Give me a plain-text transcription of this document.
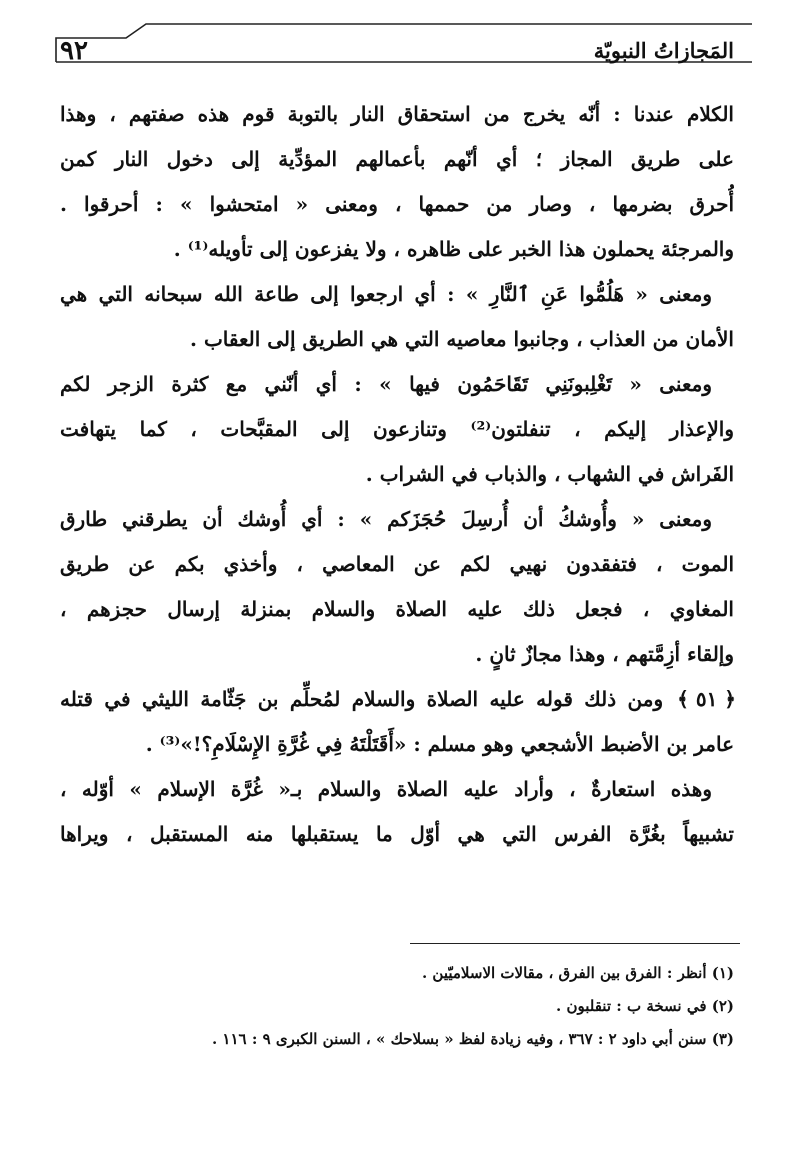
المَجازاتُ النبويّة
٩٢
الكلام عندنا : أنّه يخرج من استحقاق النار بالتوبة قوم هذه صفتهم ، وهذا
على طريق المجاز ؛ أي أنّهم بأعمالهم المؤدِّية إلى دخول النار كمن
أُحرق بضرمها ، وصار من حممها ، ومعنى « امتحشوا » : أحرقوا .
والمرجئة يحملون هذا الخبر على ظاهره ، ولا يفزعون إلى تأويله⁽¹⁾ .
ومعنى « هَلُمُّوا عَنِ ٱلنَّارِ » : أي ارجعوا إلى طاعة الله سبحانه التي هي
الأمان من العذاب ، وجانبوا معاصيه التي هي الطريق إلى العقاب .
ومعنى « تَغْلِبونَنِي تَقَاحَمُون فيها » : أي أنّني مع كثرة الزجر لكم
والإعذار إليكم ، تنفلتون⁽²⁾ وتنازعون إلى المقبَّحات ، كما يتهافت
الفَراش في الشهاب ، والذباب في الشراب .
ومعنى « وأُوشكُ أن أُرسِلَ حُجَزَكم » : أي أُوشك أن يطرقني طارق
الموت ، فتفقدون نهيي لكم عن المعاصي ، وأخذي بكم عن طريق
المغاوي ، فجعل ذلك عليه الصلاة والسلام بمنزلة إرسال حجزهم ،
وإلقاء أزِمَّتهم ، وهذا مجازٌ ثانٍ .
﴿ ٥١ ﴾ومن ذلك قوله عليه الصلاة والسلام لمُحلِّم بن جَثّامة الليثي في قتله
عامر بن الأضبط الأشجعي وهو مسلم : «أَقَتَلْتَهُ فِي غُرَّةِ الإِسْلَامِ؟!»⁽³⁾ .
وهذه استعارةٌ ، وأراد عليه الصلاة والسلام بـ« غُرَّة الإسلام » أوّله ،
تشبيهاً بغُرَّة الفرس التي هي أوّل ما يستقبلها منه المستقبل ، ويراها
(١) أنظر : الفرق بين الفرق ، مقالات الاسلاميّين .
(٢) في نسخة ب : تنقلبون .
(٣) سنن أبي داود ٢ : ٣٦٧ ، وفيه زيادة لفظ « بسلاحك » ، السنن الكبرى ٩ : ١١٦ .
